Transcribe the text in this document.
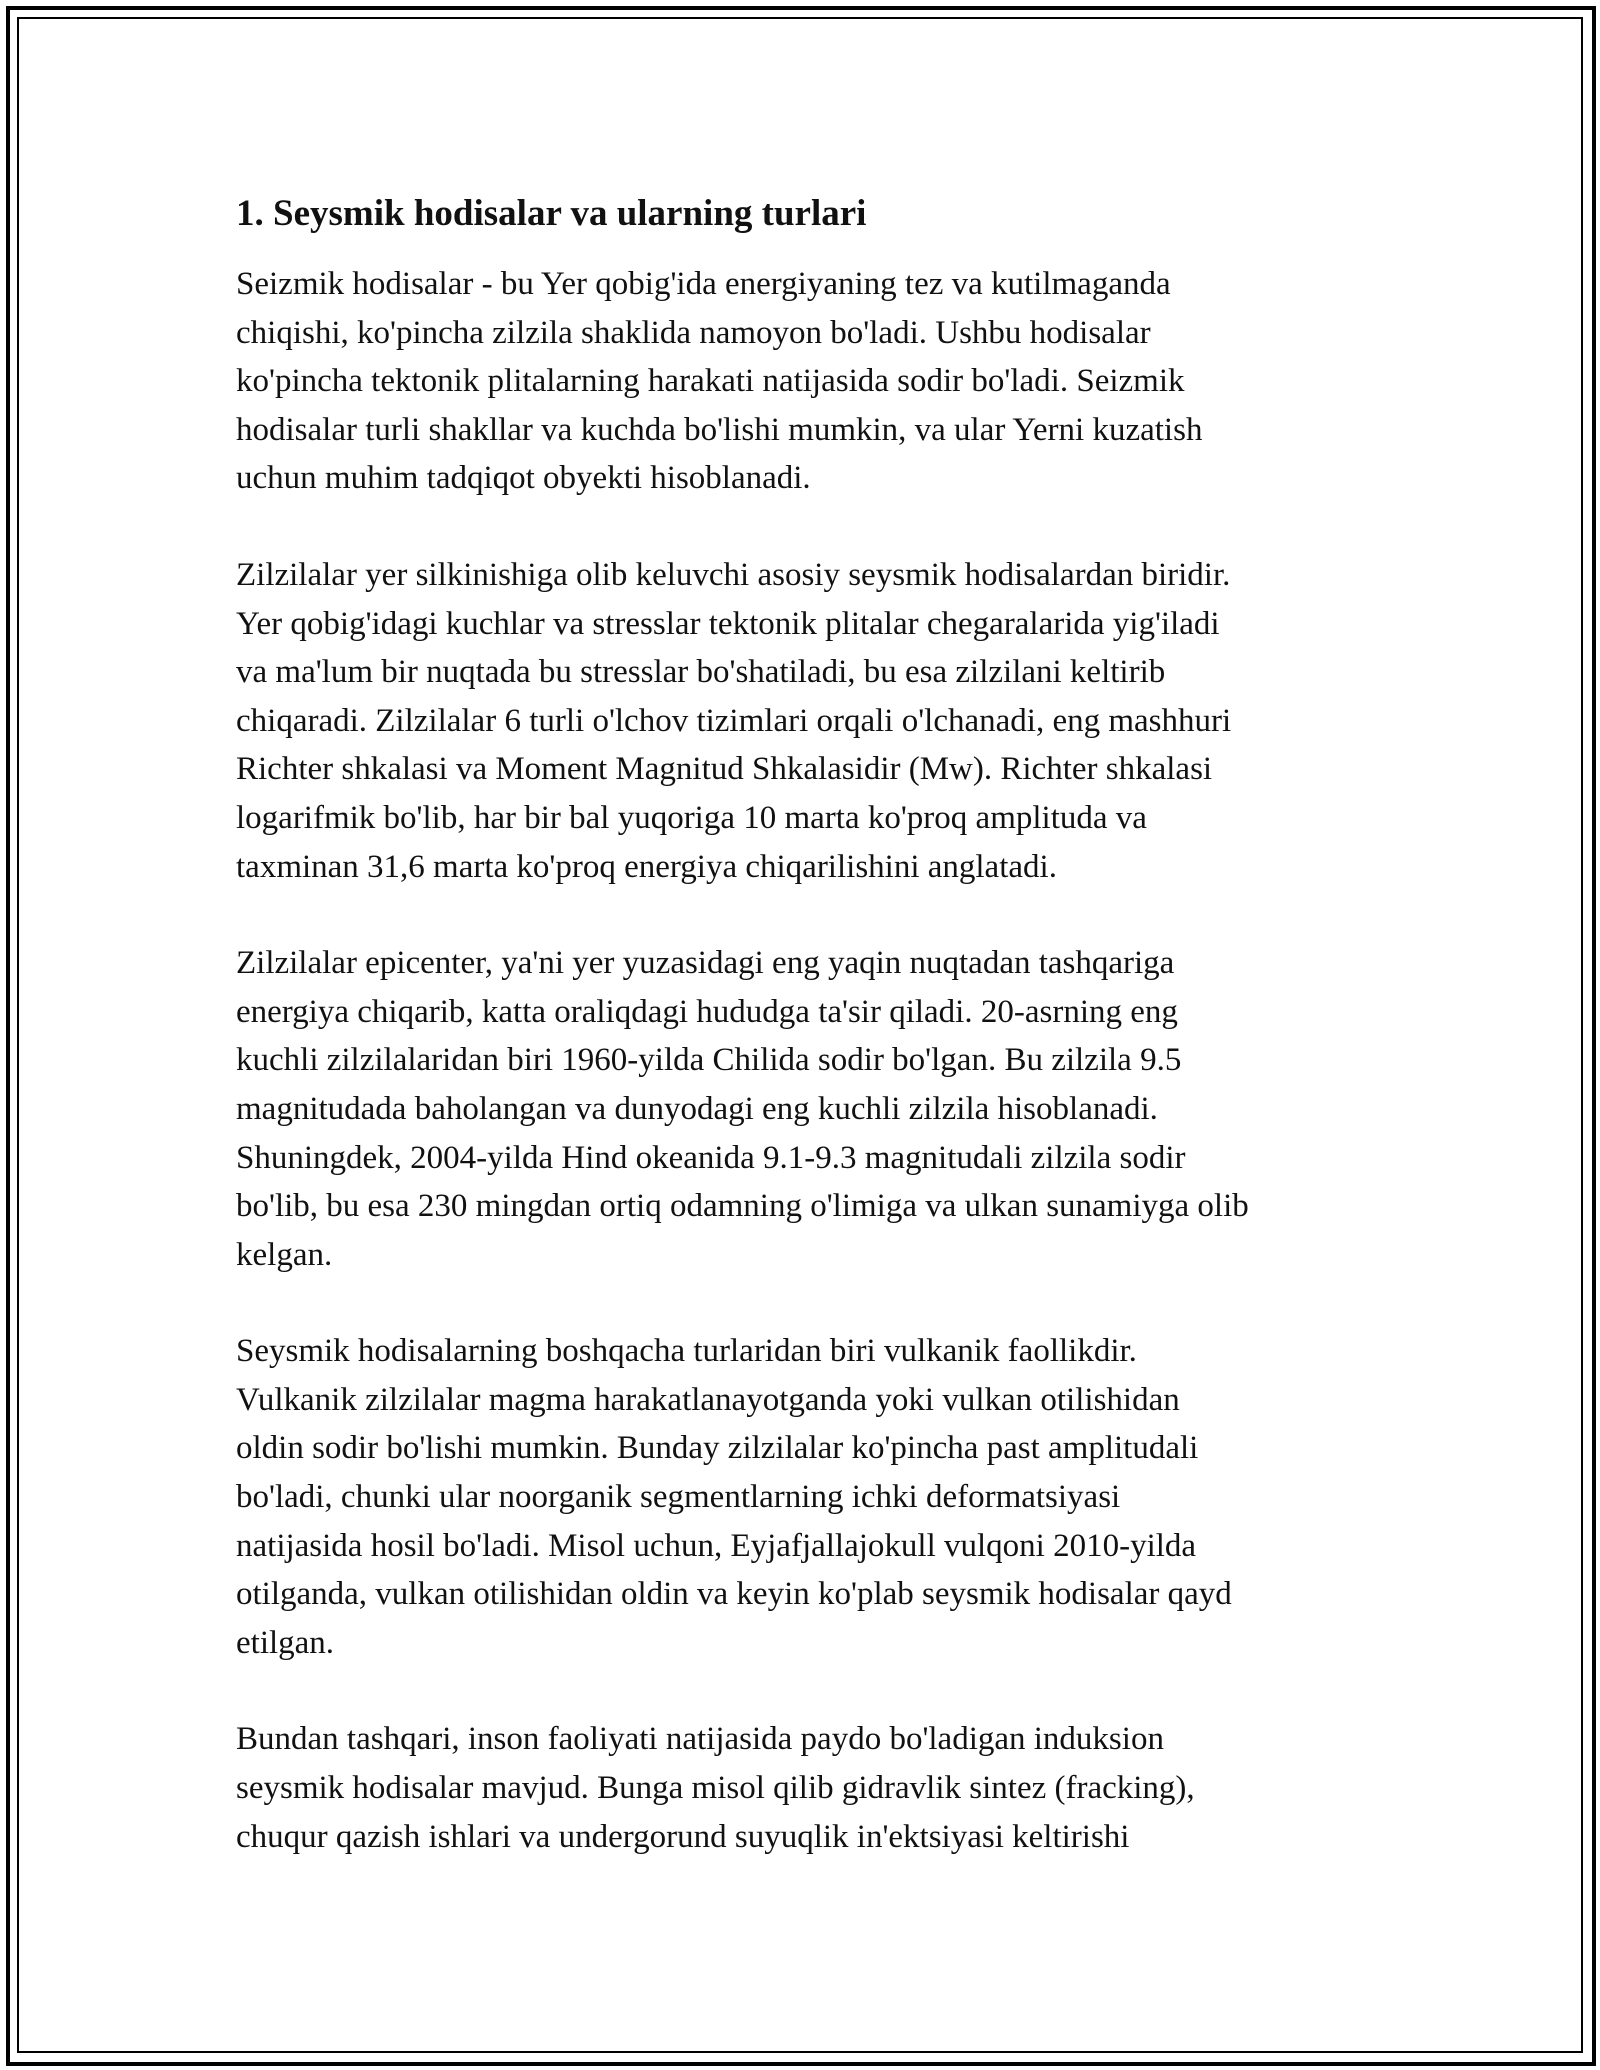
1. Seysmik hodisalar va ularning turlari

Seizmik hodisalar - bu Yer qobig'ida energiyaning tez va kutilmaganda
chiqishi, ko'pincha zilzila shaklida namoyon bo'ladi. Ushbu hodisalar
ko'pincha tektonik plitalarning harakati natijasida sodir bo'ladi. Seizmik
hodisalar turli shakllar va kuchda bo'lishi mumkin, va ular Yerni kuzatish
uchun muhim tadqiqot obyekti hisoblanadi.

Zilzilalar yer silkinishiga olib keluvchi asosiy seysmik hodisalardan biridir.
Yer qobig'idagi kuchlar va stresslar tektonik plitalar chegaralarida yig'iladi
va ma'lum bir nuqtada bu stresslar bo'shatiladi, bu esa zilzilani keltirib
chiqaradi. Zilzilalar 6 turli o'lchov tizimlari orqali o'lchanadi, eng mashhuri
Richter shkalasi va Moment Magnitud Shkalasidir (Mw). Richter shkalasi
logarifmik bo'lib, har bir bal yuqoriga 10 marta ko'proq amplituda va
taxminan 31,6 marta ko'proq energiya chiqarilishini anglatadi.

Zilzilalar epicenter, ya'ni yer yuzasidagi eng yaqin nuqtadan tashqariga
energiya chiqarib, katta oraliqdagi hududga ta'sir qiladi. 20-asrning eng
kuchli zilzilalaridan biri 1960-yilda Chilida sodir bo'lgan. Bu zilzila 9.5
magnitudada baholangan va dunyodagi eng kuchli zilzila hisoblanadi.
Shuningdek, 2004-yilda Hind okeanida 9.1-9.3 magnitudali zilzila sodir
bo'lib, bu esa 230 mingdan ortiq odamning o'limiga va ulkan sunamiyga olib
kelgan.

Seysmik hodisalarning boshqacha turlaridan biri vulkanik faollikdir.
Vulkanik zilzilalar magma harakatlanayotganda yoki vulkan otilishidan
oldin sodir bo'lishi mumkin. Bunday zilzilalar ko'pincha past amplitudali
bo'ladi, chunki ular noorganik segmentlarning ichki deformatsiyasi
natijasida hosil bo'ladi. Misol uchun, Eyjafjallajokull vulqoni 2010-yilda
otilganda, vulkan otilishidan oldin va keyin ko'plab seysmik hodisalar qayd
etilgan.

Bundan tashqari, inson faoliyati natijasida paydo bo'ladigan induksion
seysmik hodisalar mavjud. Bunga misol qilib gidravlik sintez (fracking),
chuqur qazish ishlari va undergorund suyuqlik in'ektsiyasi keltirishi
